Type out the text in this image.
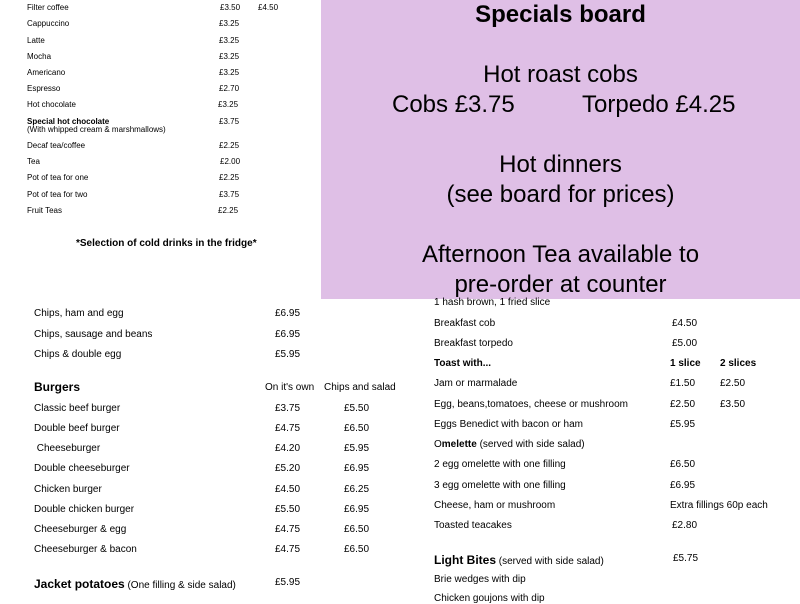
Filter coffee	£3.50 £4.50
Cappuccino	£3.25
Latte	£3.25
Mocha	£3.25
Americano	£3.25
Espresso	£2.70
Hot chocolate	£3.25
Special hot chocolate
(With whipped cream & marshmallows)
£3.75
Decaf tea/coffee	£2.25
Tea	£2.00
Pot of tea for one	£2.25
Pot of tea for two	£3.75
Fruit Teas	£2.25
*Selection of cold drinks in the fridge*
Specials board
Hot roast cobs
Cobs £3.75	Torpedo £4.25
Hot dinners
(see board for prices)
Afternoon Tea available to
pre-order at counter
Chips, ham and egg	£6.95
Chips, sausage and beans	£6.95
Chips & double egg	£5.95
Burgers	On it's own Chips and salad
Classic beef burger	£3.75	£5.50
Double beef burger	£4.75	£6.50
Cheeseburger	£4.20	£5.95
Double cheeseburger	£5.20	£6.95
Chicken burger	£4.50	£6.25
Double chicken burger	£5.50	£6.95
Cheeseburger & egg	£4.75	£6.50
Cheeseburger & bacon	£4.75	£6.50
Jacket potatoes (One filling & side salad)	£5.95
1 hash brown, 1 fried slice
Breakfast cob	£4.50
Breakfast torpedo	£5.00
Toast with...	1 slice 2 slices
Jam or marmalade	£1.50 £2.50
Egg, beans,tomatoes, cheese or mushroom	£2.50 £3.50
Eggs Benedict with bacon or ham	£5.95
Omelette (served with side salad)
2 egg omelette with one filling	£6.50
3 egg omelette with one filling	£6.95
Cheese, ham or mushroom	Extra fillings 60p each
Toasted teacakes	£2.80
Light Bites (served with side salad)	£5.75
Brie wedges with dip
Chicken goujons with dip
